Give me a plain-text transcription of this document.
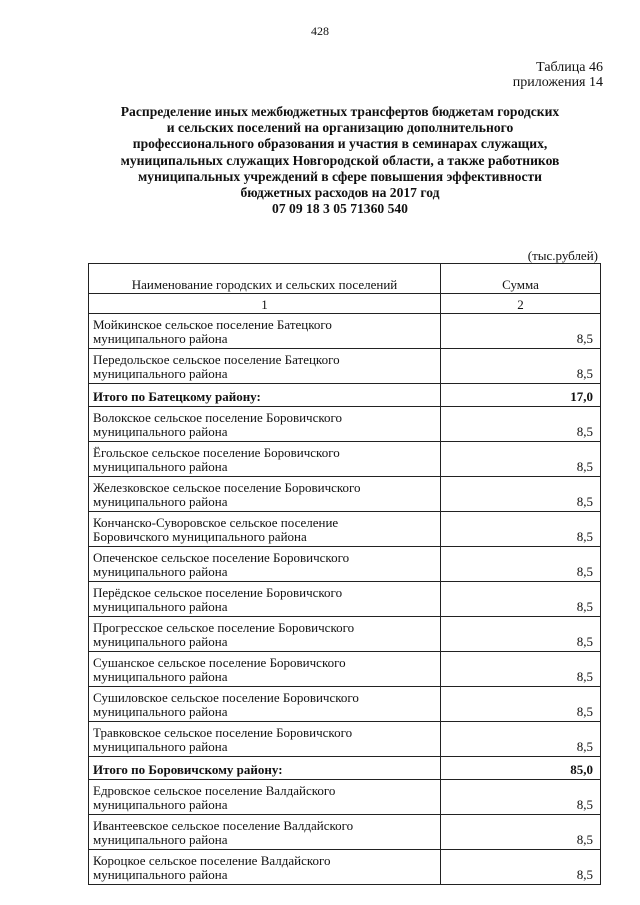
428
Таблица 46
приложения 14
Распределение иных межбюджетных трансфертов бюджетам городских
и сельских поселений на организацию дополнительного
профессионального образования и участия в семинарах служащих,
муниципальных служащих Новгородской области, а также работников
муниципальных учреждений в сфере повышения эффективности
бюджетных расходов на 2017 год
07 09 18 3 05 71360 540
(тыс.рублей)
Наименование городских и сельских поселений	Сумма
1	2

Мойкинское сельское поселение Батецкого
муниципального района	8,5

Передольское сельское поселение Батецкого
муниципального района	8,5
Итого по Батецкому району:	17,0

Волокское сельское поселение Боровичского
муниципального района	8,5

Ёгольское сельское поселение Боровичского
муниципального района	8,5

Железковское сельское поселение Боровичского
муниципального района	8,5

Кончанско-Суворовское сельское поселение
Боровичского муниципального района	8,5

Опеченское сельское поселение Боровичского
муниципального района	8,5

Перёдское сельское поселение Боровичского
муниципального района	8,5

Прогресское сельское поселение Боровичского
муниципального района	8,5

Сушанское сельское поселение Боровичского
муниципального района	8,5

Сушиловское сельское поселение Боровичского
муниципального района	8,5

Травковское сельское поселение Боровичского
муниципального района	8,5
Итого по Боровичскому району:	85,0

Едровское сельское поселение Валдайского
муниципального района	8,5

Ивантеевское сельское поселение Валдайского
муниципального района	8,5

Короцкое сельское поселение Валдайского
муниципального района	8,5
